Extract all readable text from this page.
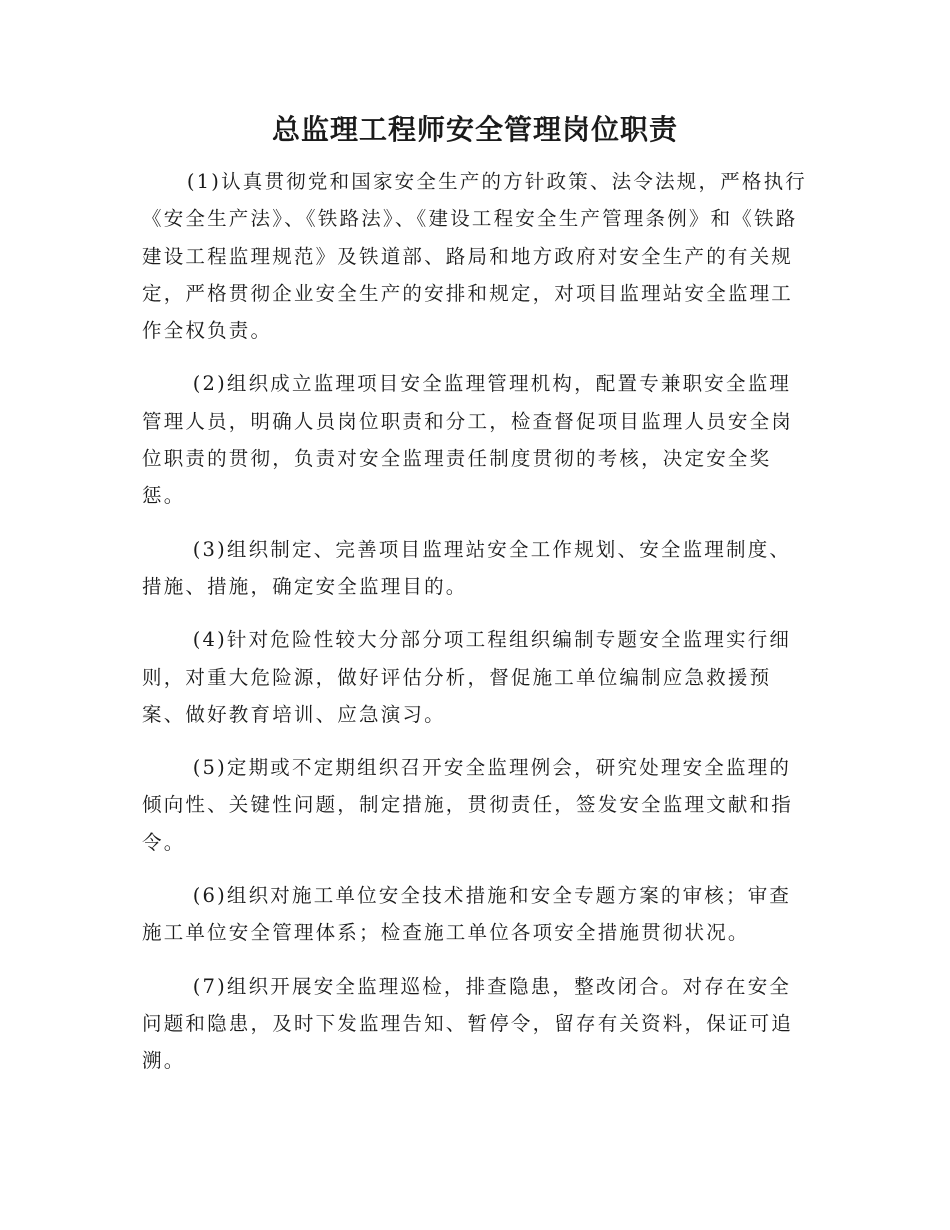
总监理工程师安全管理岗位职责

(1)认真贯彻党和国家安全生产的方针政策、法令法规，严格执行《安全生产法》、《铁路法》、《建设工程安全生产管理条例》和《铁路建设工程监理规范》及铁道部、路局和地方政府对安全生产的有关规定，严格贯彻企业安全生产的安排和规定，对项目监理站安全监理工作全权负责。

(2)组织成立监理项目安全监理管理机构，配置专兼职安全监理管理人员，明确人员岗位职责和分工，检查督促项目监理人员安全岗位职责的贯彻，负责对安全监理责任制度贯彻的考核，决定安全奖惩。

(3)组织制定、完善项目监理站安全工作规划、安全监理制度、措施、措施，确定安全监理目的。

(4)针对危险性较大分部分项工程组织编制专题安全监理实行细则，对重大危险源，做好评估分析，督促施工单位编制应急救援预案、做好教育培训、应急演习。

(5)定期或不定期组织召开安全监理例会，研究处理安全监理的倾向性、关键性问题，制定措施，贯彻责任，签发安全监理文献和指令。

(6)组织对施工单位安全技术措施和安全专题方案的审核；审查施工单位安全管理体系；检查施工单位各项安全措施贯彻状况。

(7)组织开展安全监理巡检，排查隐患，整改闭合。对存在安全问题和隐患，及时下发监理告知、暂停令，留存有关资料，保证可追溯。
